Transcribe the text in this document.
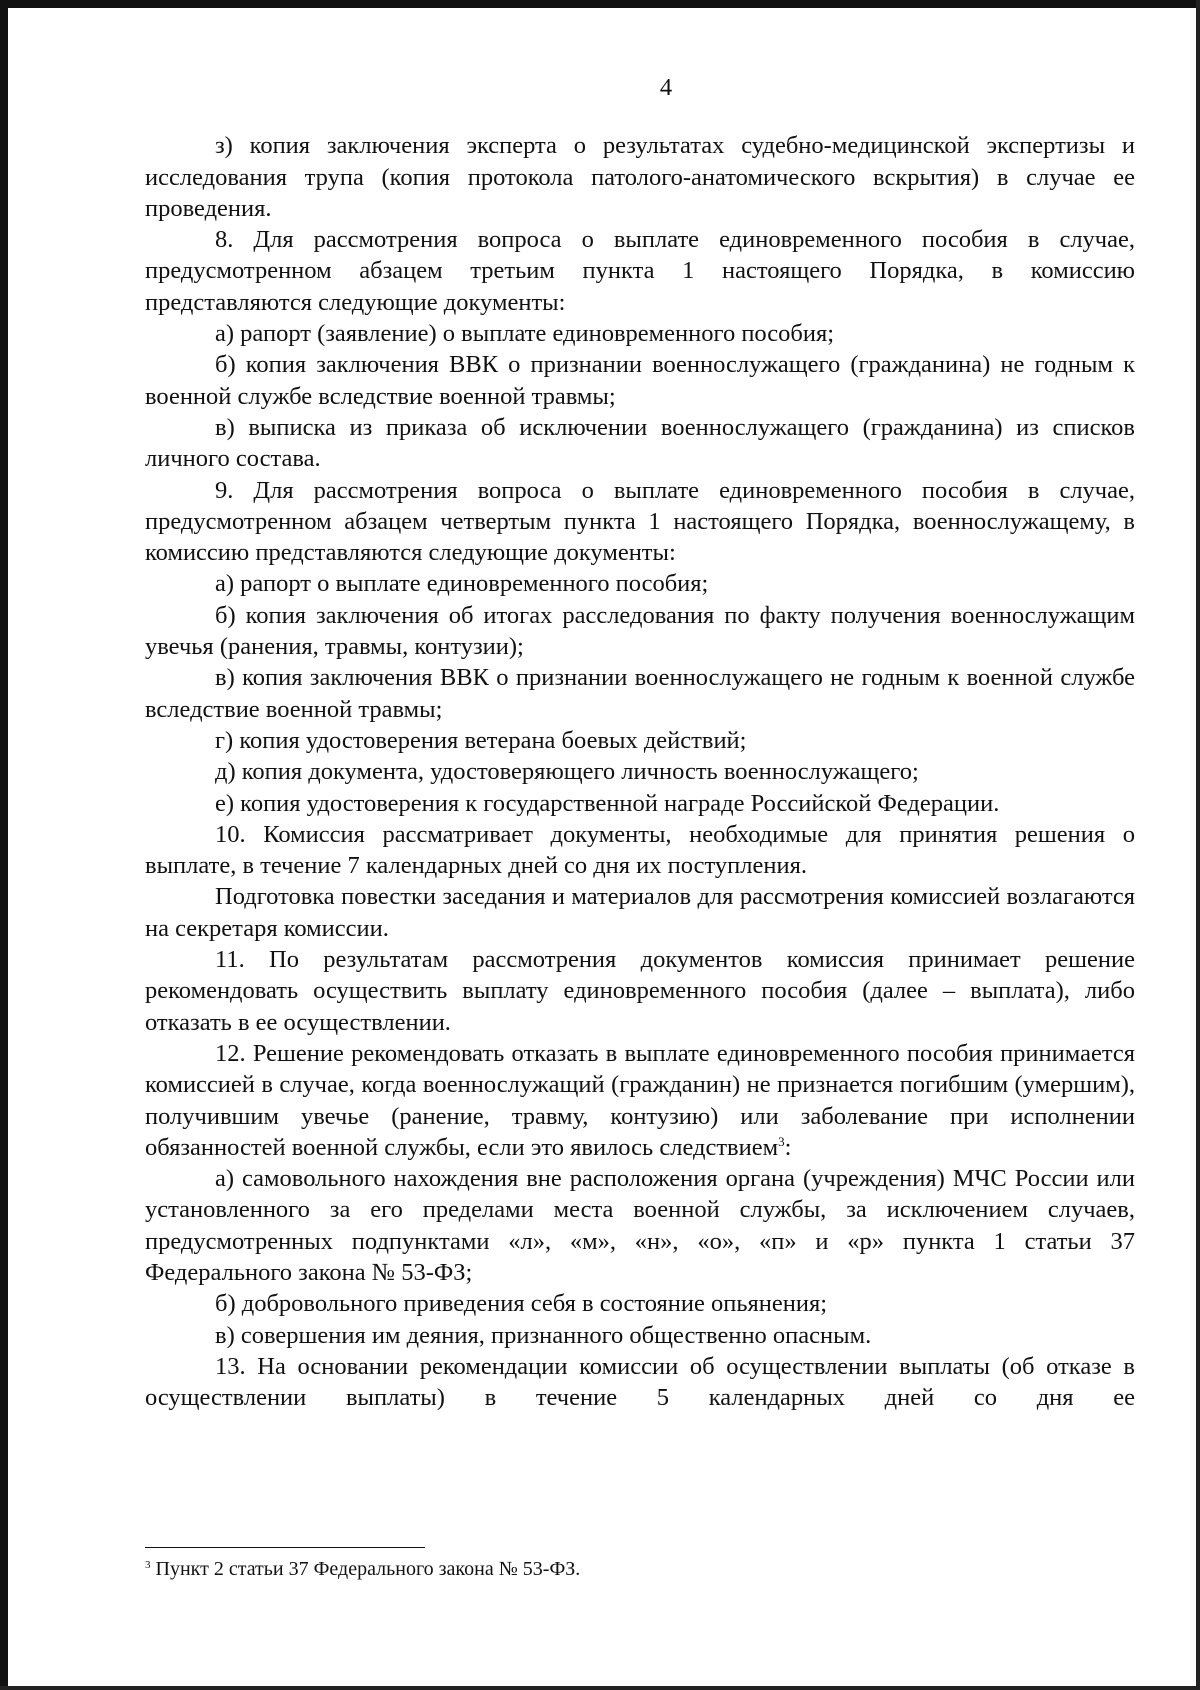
4

з) копия заключения эксперта о результатах судебно-медицинской экспертизы и исследования трупа (копия протокола патолого-анатомического вскрытия) в случае ее проведения.

8. Для рассмотрения вопроса о выплате единовременного пособия в случае, предусмотренном абзацем третьим пункта 1 настоящего Порядка, в комиссию представляются следующие документы:

а) рапорт (заявление) о выплате единовременного пособия;

б) копия заключения ВВК о признании военнослужащего (гражданина) не годным к военной службе вследствие военной травмы;

в) выписка из приказа об исключении военнослужащего (гражданина) из списков личного состава.

9. Для рассмотрения вопроса о выплате единовременного пособия в случае, предусмотренном абзацем четвертым пункта 1 настоящего Порядка, военнослужащему, в комиссию представляются следующие документы:

а) рапорт о выплате единовременного пособия;

б) копия заключения об итогах расследования по факту получения военнослужащим увечья (ранения, травмы, контузии);

в) копия заключения ВВК о признании военнослужащего не годным к военной службе вследствие военной травмы;

г) копия удостоверения ветерана боевых действий;

д) копия документа, удостоверяющего личность военнослужащего;

е) копия удостоверения к государственной награде Российской Федерации.

10. Комиссия рассматривает документы, необходимые для принятия решения о выплате, в течение 7 календарных дней со дня их поступления.

Подготовка повестки заседания и материалов для рассмотрения комиссией возлагаются на секретаря комиссии.

11. По результатам рассмотрения документов комиссия принимает решение рекомендовать осуществить выплату единовременного пособия (далее – выплата), либо отказать в ее осуществлении.

12. Решение рекомендовать отказать в выплате единовременного пособия принимается комиссией в случае, когда военнослужащий (гражданин) не признается погибшим (умершим), получившим увечье (ранение, травму, контузию) или заболевание при исполнении обязанностей военной службы, если это явилось следствием$^3$:

а) самовольного нахождения вне расположения органа (учреждения) МЧС России или установленного за его пределами места военной службы, за исключением случаев, предусмотренных подпунктами «л», «м», «н», «о», «п» и «р» пункта 1 статьи 37 Федерального закона № 53-ФЗ;

б) добровольного приведения себя в состояние опьянения;

в) совершения им деяния, признанного общественно опасным.

13. На основании рекомендации комиссии об осуществлении выплаты (об отказе в осуществлении выплаты) в течение 5 календарных дней со дня ее

$^3$ Пункт 2 статьи 37 Федерального закона № 53-ФЗ.
